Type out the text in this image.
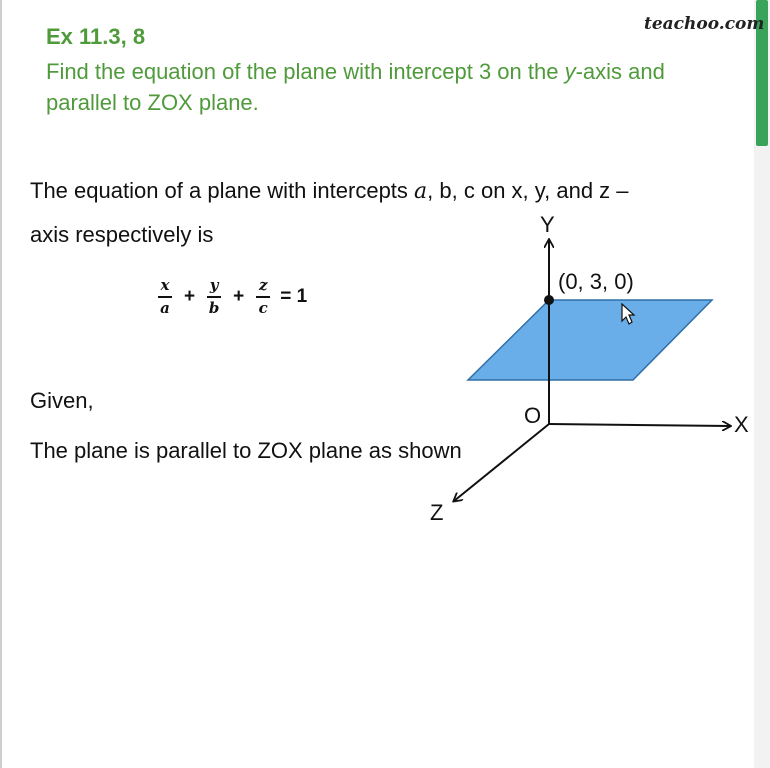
teachoo.com
Ex 11.3, 8
Find the equation of the plane with intercept 3 on the y-axis and parallel to ZOX plane.
The equation of a plane with intercepts a, b, c on x, y, and z –
axis respectively is
$\frac{x}{a} + \frac{y}{b} + \frac{z}{c} = 1$
Given,
The plane is parallel to ZOX plane as shown
Y
X
Z
O
(0, 3, 0)
